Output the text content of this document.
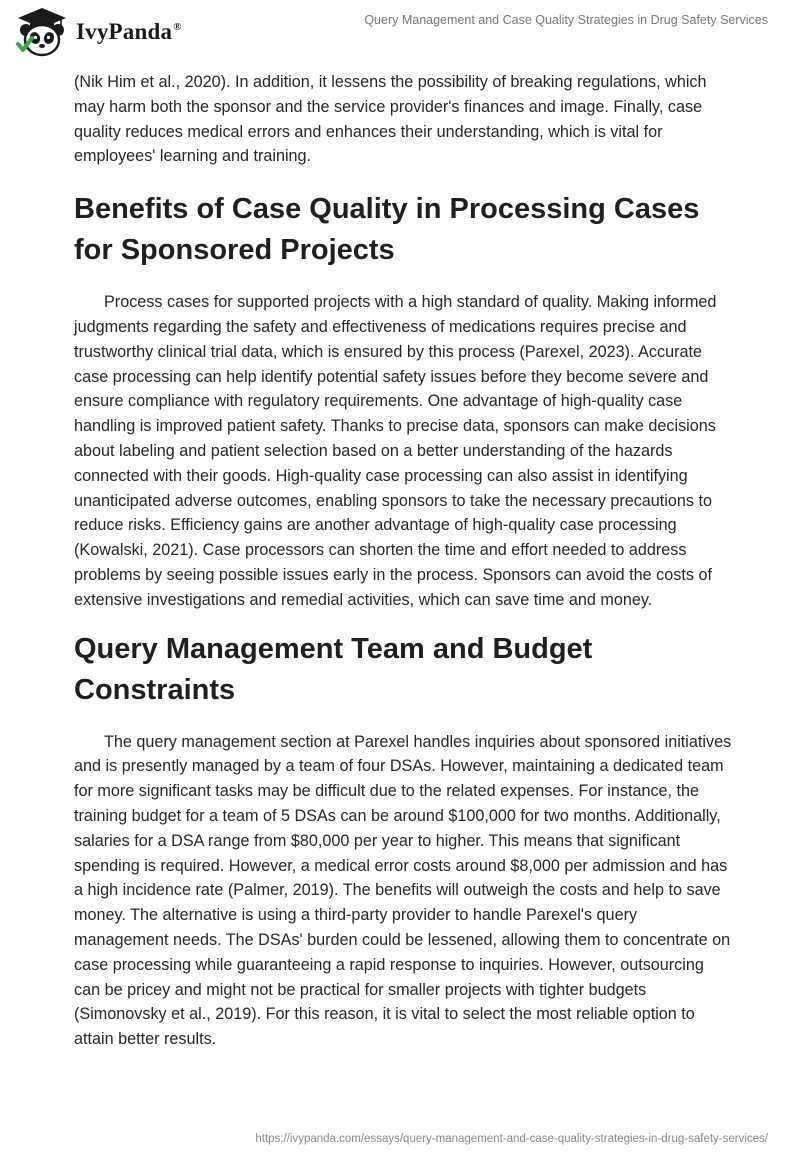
IvyPanda®
Query Management and Case Quality Strategies in Drug Safety Services

(Nik Him et al., 2020). In addition, it lessens the possibility of breaking regulations, which may harm both the sponsor and the service provider's finances and image. Finally, case quality reduces medical errors and enhances their understanding, which is vital for employees' learning and training.

Benefits of Case Quality in Processing Cases for Sponsored Projects

Process cases for supported projects with a high standard of quality. Making informed judgments regarding the safety and effectiveness of medications requires precise and trustworthy clinical trial data, which is ensured by this process (Parexel, 2023). Accurate case processing can help identify potential safety issues before they become severe and ensure compliance with regulatory requirements. One advantage of high-quality case handling is improved patient safety. Thanks to precise data, sponsors can make decisions about labeling and patient selection based on a better understanding of the hazards connected with their goods. High-quality case processing can also assist in identifying unanticipated adverse outcomes, enabling sponsors to take the necessary precautions to reduce risks. Efficiency gains are another advantage of high-quality case processing (Kowalski, 2021). Case processors can shorten the time and effort needed to address problems by seeing possible issues early in the process. Sponsors can avoid the costs of extensive investigations and remedial activities, which can save time and money.

Query Management Team and Budget Constraints

The query management section at Parexel handles inquiries about sponsored initiatives and is presently managed by a team of four DSAs. However, maintaining a dedicated team for more significant tasks may be difficult due to the related expenses. For instance, the training budget for a team of 5 DSAs can be around $100,000 for two months. Additionally, salaries for a DSA range from $80,000 per year to higher. This means that significant spending is required. However, a medical error costs around $8,000 per admission and has a high incidence rate (Palmer, 2019). The benefits will outweigh the costs and help to save money. The alternative is using a third-party provider to handle Parexel's query management needs. The DSAs' burden could be lessened, allowing them to concentrate on case processing while guaranteeing a rapid response to inquiries. However, outsourcing can be pricey and might not be practical for smaller projects with tighter budgets (Simonovsky et al., 2019). For this reason, it is vital to select the most reliable option to attain better results.

https://ivypanda.com/essays/query-management-and-case-quality-strategies-in-drug-safety-services/
